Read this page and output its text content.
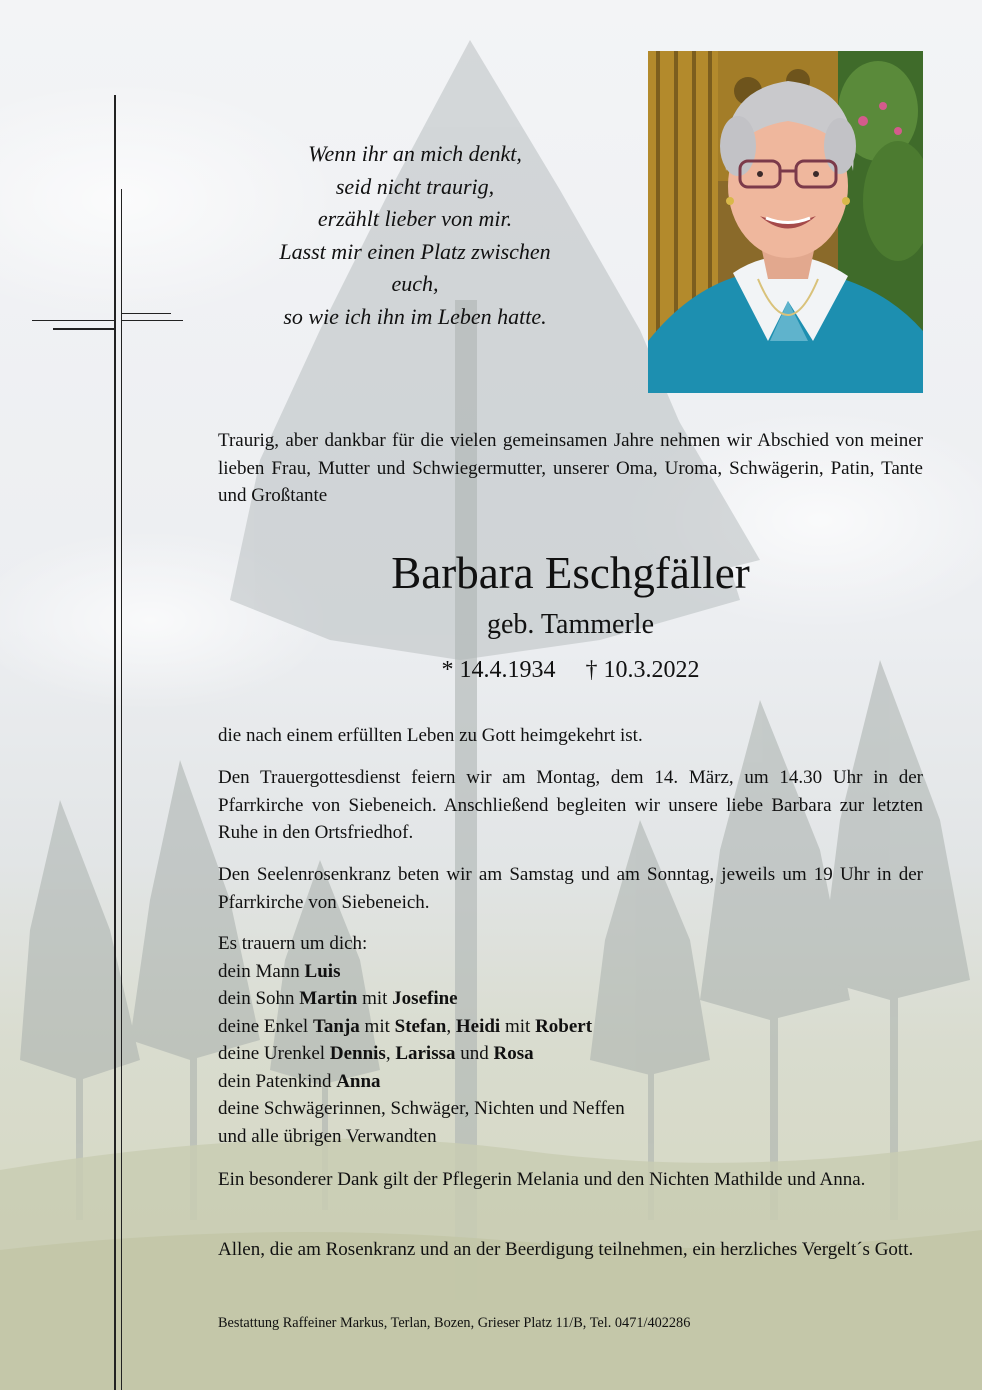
Wenn ihr an mich denkt,
seid nicht traurig,
erzählt lieber von mir.
Lasst mir einen Platz zwischen
euch,
so wie ich ihn im Leben hatte.

Traurig, aber dankbar für die vielen gemeinsamen Jahre nehmen wir Abschied von meiner lieben Frau, Mutter und Schwiegermutter, unserer Oma, Uroma, Schwägerin, Patin, Tante und Großtante

Barbara Eschgfäller
geb. Tammerle
* 14.4.1934     † 10.3.2022

die nach einem erfüllten Leben zu Gott heimgekehrt ist.

Den Trauergottesdienst feiern wir am Montag, dem 14. März, um 14.30 Uhr in der Pfarrkirche von Siebeneich. Anschließend begleiten wir unsere liebe Barbara zur letzten Ruhe in den Ortsfriedhof.

Den Seelenrosenkranz beten wir am Samstag und am Sonntag, jeweils um 19 Uhr in der Pfarrkirche von Siebeneich.

Es trauern um dich:
dein Mann Luis
dein Sohn Martin mit Josefine
deine Enkel Tanja mit Stefan, Heidi mit Robert
deine Urenkel Dennis, Larissa und Rosa
dein Patenkind Anna
deine Schwägerinnen, Schwäger, Nichten und Neffen
und alle übrigen Verwandten

Ein besonderer Dank gilt der Pflegerin Melania und den Nichten Mathilde und Anna.

Allen, die am Rosenkranz und an der Beerdigung teilnehmen, ein herzliches Vergelt´s Gott.

Bestattung Raffeiner Markus, Terlan, Bozen, Grieser Platz 11/B, Tel. 0471/402286
